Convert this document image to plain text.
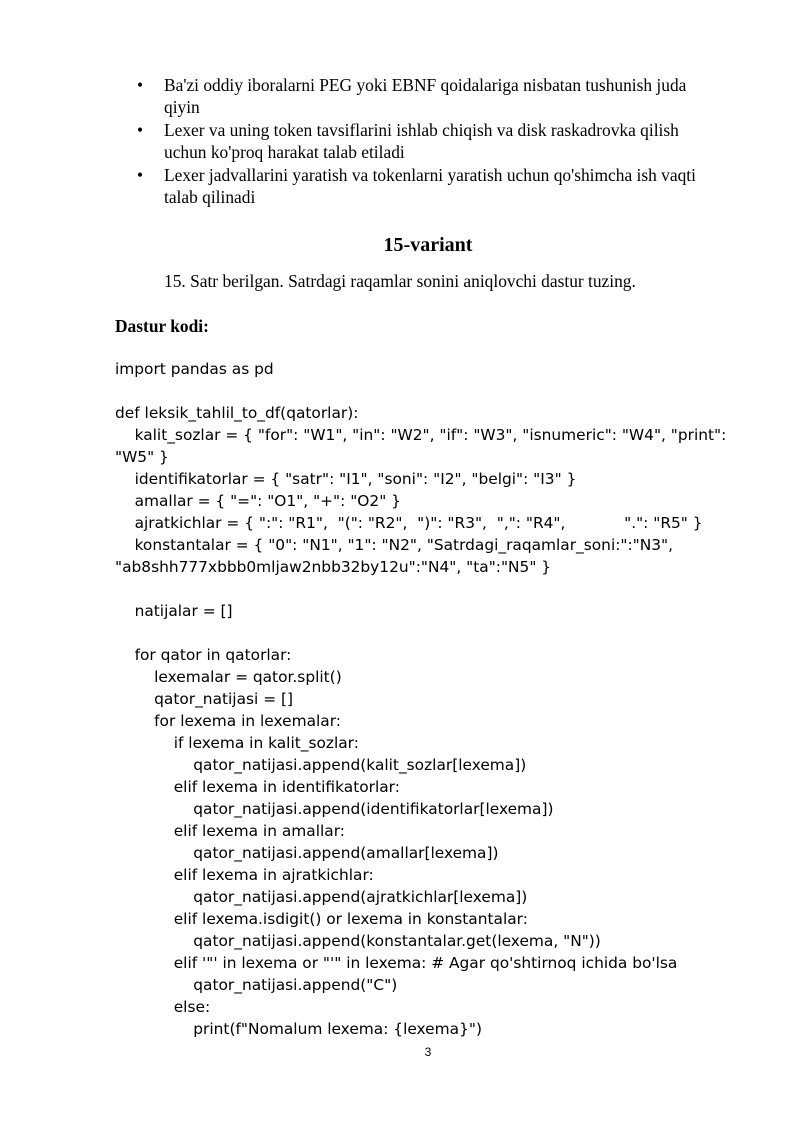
• Ba'zi oddiy iboralarni PEG yoki EBNF qoidalariga nisbatan tushunish juda
qiyin
• Lexer va uning token tavsiflarini ishlab chiqish va disk raskadrovka qilish
uchun ko'proq harakat talab etiladi
• Lexer jadvallarini yaratish va tokenlarni yaratish uchun qo'shimcha ish vaqti
talab qilinadi
15-variant
15. Satr berilgan. Satrdagi raqamlar sonini aniqlovchi dastur tuzing.
Dastur kodi:
import pandas as pd
def leksik_tahlil_to_df(qatorlar):
kalit_sozlar = { "for": "W1", "in": "W2", "if": "W3", "isnumeric": "W4", "print":
"W5" }
identifikatorlar = { "satr": "I1", "soni": "I2", "belgi": "I3" }
amallar = { "=": "O1", "+": "O2" }
ajratkichlar = { ":": "R1",  "(": "R2",  ")": "R3",  ",": "R4",            ".": "R5" }
konstantalar = { "0": "N1", "1": "N2", "Satrdagi_raqamlar_soni:":"N3",
"ab8shh777xbbb0mljaw2nbb32by12u":"N4", "ta":"N5" }
natijalar = []
for qator in qatorlar:
lexemalar = qator.split()
qator_natijasi = []
for lexema in lexemalar:
if lexema in kalit_sozlar:
qator_natijasi.append(kalit_sozlar[lexema])
elif lexema in identifikatorlar:
qator_natijasi.append(identifikatorlar[lexema])
elif lexema in amallar:
qator_natijasi.append(amallar[lexema])
elif lexema in ajratkichlar:
qator_natijasi.append(ajratkichlar[lexema])
elif lexema.isdigit() or lexema in konstantalar:
qator_natijasi.append(konstantalar.get(lexema, "N"))
elif '"' in lexema or "'" in lexema: # Agar qo'shtirnoq ichida bo'lsa
qator_natijasi.append("C")
else:
print(f"Nomalum lexema: {lexema}")
3
